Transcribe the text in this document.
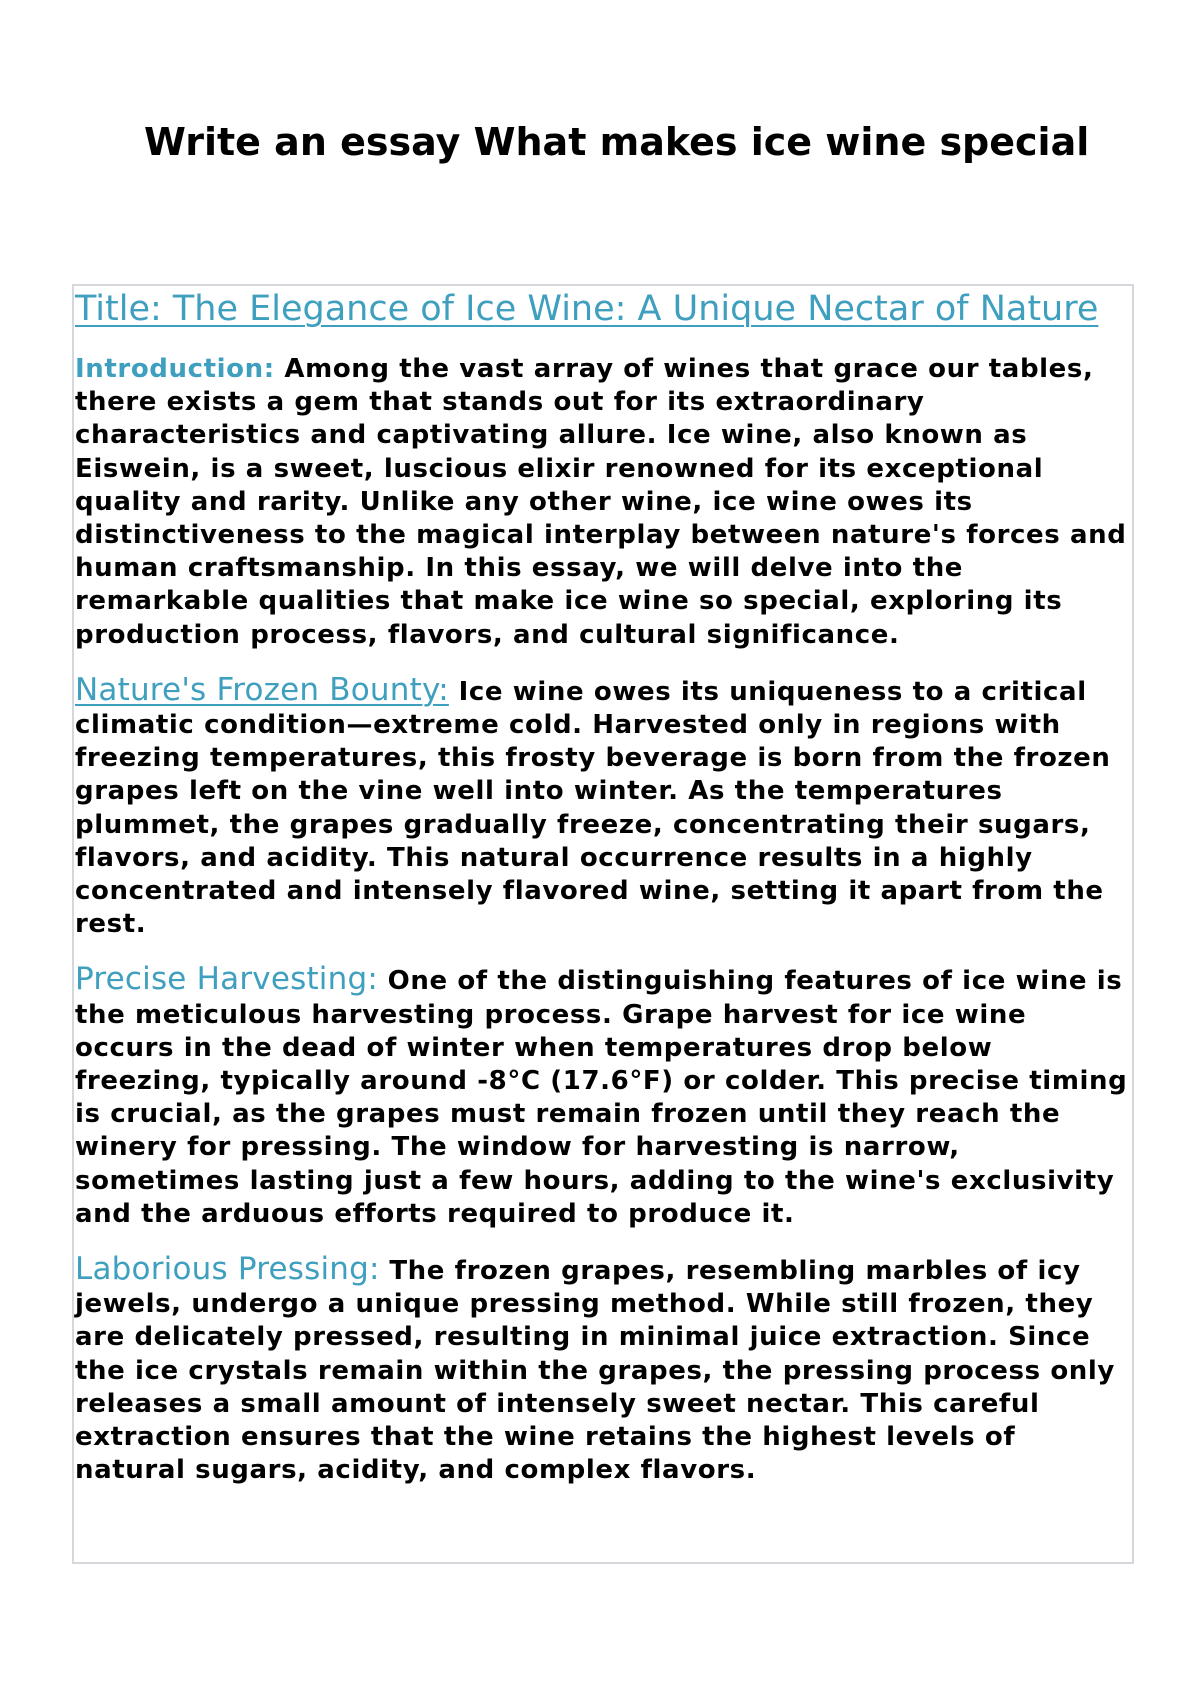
Write an essay What makes ice wine special
Title: The Elegance of Ice Wine: A Unique Nectar of Nature

Introduction: Among the vast array of wines that grace our tables, there exists a gem that stands out for its extraordinary characteristics and captivating allure. Ice wine, also known as Eiswein, is a sweet, luscious elixir renowned for its exceptional quality and rarity. Unlike any other wine, ice wine owes its distinctiveness to the magical interplay between nature's forces and human craftsmanship. In this essay, we will delve into the remarkable qualities that make ice wine so special, exploring its production process, flavors, and cultural significance.

Nature's Frozen Bounty: Ice wine owes its uniqueness to a critical climatic condition—extreme cold. Harvested only in regions with freezing temperatures, this frosty beverage is born from the frozen grapes left on the vine well into winter. As the temperatures plummet, the grapes gradually freeze, concentrating their sugars, flavors, and acidity. This natural occurrence results in a highly concentrated and intensely flavored wine, setting it apart from the rest.

Precise Harvesting: One of the distinguishing features of ice wine is the meticulous harvesting process. Grape harvest for ice wine occurs in the dead of winter when temperatures drop below freezing, typically around -8°C (17.6°F) or colder. This precise timing is crucial, as the grapes must remain frozen until they reach the winery for pressing. The window for harvesting is narrow, sometimes lasting just a few hours, adding to the wine's exclusivity and the arduous efforts required to produce it.

Laborious Pressing: The frozen grapes, resembling marbles of icy jewels, undergo a unique pressing method. While still frozen, they are delicately pressed, resulting in minimal juice extraction. Since the ice crystals remain within the grapes, the pressing process only releases a small amount of intensely sweet nectar. This careful extraction ensures that the wine retains the highest levels of natural sugars, acidity, and complex flavors.
